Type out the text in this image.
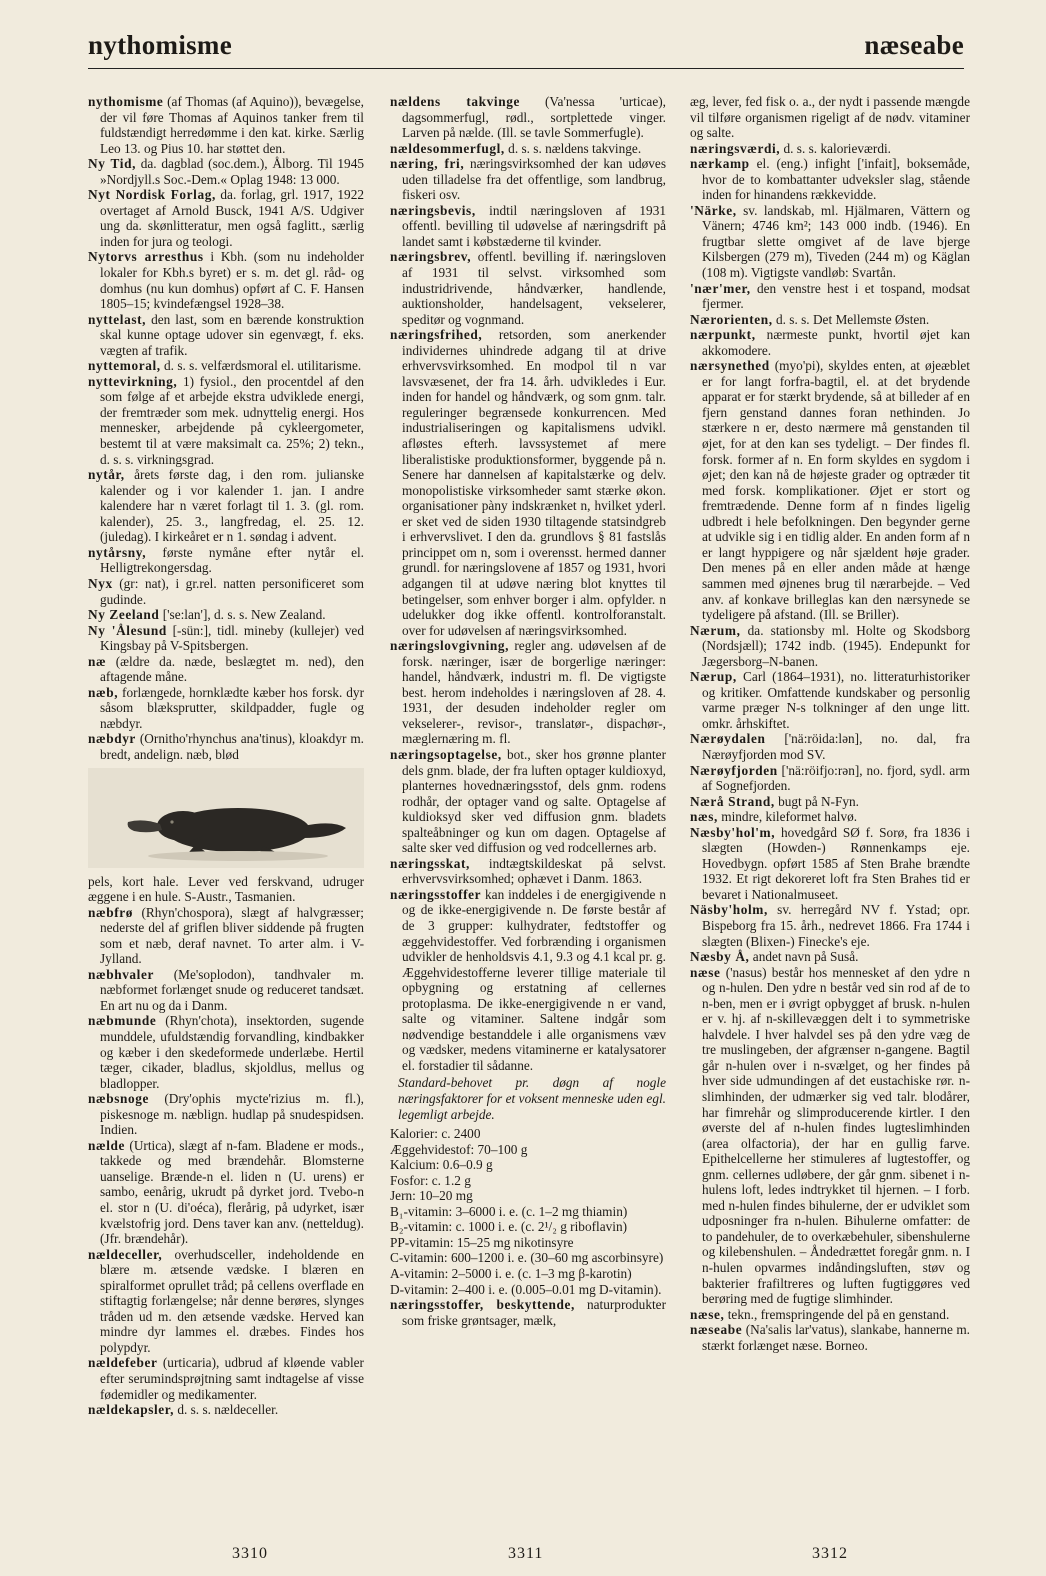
nythomisme	næseabe

nythomisme (af Thomas (af Aquino)), bevægelse, der vil føre Thomas af Aquinos tanker frem til fuldstændigt herredømme i den kat. kirke. Særlig Leo 13. og Pius 10. har støttet den.

Ny Tid, da. dagblad (soc.dem.), Ålborg. Til 1945 »Nordjyll.s Soc.-Dem.« Oplag 1948: 13 000.

Nyt Nordisk Forlag, da. forlag, grl. 1917, 1922 overtaget af Arnold Busck, 1941 A/S. Udgiver ung da. skønlitteratur, men også faglitt., særlig inden for jura og teologi.

Nytorvs arresthus i Kbh. (som nu indeholder lokaler for Kbh.s byret) er s. m. det gl. råd- og domhus (nu kun domhus) opført af C. F. Hansen 1805–15; kvindefængsel 1928–38.

nyttelast, den last, som en bærende konstruktion skal kunne optage udover sin egenvægt, f. eks. vægten af trafik.

nyttemoral, d. s. s. velfærdsmoral el. utilitarisme.

nyttevirkning, 1) fysiol., den procentdel af den som følge af et arbejde ekstra udviklede energi, der fremtræder som mek. udnyttelig energi. Hos mennesker, arbejdende på cykleergometer, bestemt til at være maksimalt ca. 25%; 2) tekn., d. s. s. virkningsgrad.

nytår, årets første dag, i den rom. julianske kalender og i vor kalender 1. jan. I andre kalendere har n været forlagt til 1. 3. (gl. rom. kalender), 25. 3., langfredag, el. 25. 12. (juledag). I kirkeåret er n 1. søndag i advent.

nytårsny, første nymåne efter nytår el. Helligtrekongersdag.

Nyx (gr: nat), i gr.rel. natten personificeret som gudinde.

Ny Zeeland ['se:lan'], d. s. s. New Zealand.

Ny 'Ålesund [-sün:], tidl. mineby (kullejer) ved Kingsbay på V-Spitsbergen.

næ (ældre da. næde, beslægtet m. ned), den aftagende måne.

næb, forlængede, hornklædte kæber hos forsk. dyr såsom blæksprutter, skildpadder, fugle og næbdyr.

næbdyr (Ornitho'rhynchus ana'tinus), kloakdyr m. bredt, andelign. næb, blød

pels, kort hale. Lever ved ferskvand, udruger æggene i en hule. S-Austr., Tasmanien.

næbfrø (Rhyn'chospora), slægt af halvgræsser; nederste del af griflen bliver siddende på frugten som et næb, deraf navnet. To arter alm. i V-Jylland.

næbhvaler (Me'soplodon), tandhvaler m. næbformet forlænget snude og reduceret tandsæt. En art nu og da i Danm.

næbmunde (Rhyn'chota), insektorden, sugende munddele, ufuldstændig forvandling, kindbakker og kæber i den skedeformede underlæbe. Hertil tæger, cikader, bladlus, skjoldlus, mellus og bladlopper.

næbsnoge (Dry'ophis mycte'rizius m. fl.), piskesnoge m. næblign. hudlap på snudespidsen. Indien.

nælde (Urtica), slægt af n-fam. Bladene er mods., takkede og med brændehår. Blomsterne uanselige. Brænde-n el. liden n (U. urens) er sambo, eenårig, ukrudt på dyrket jord. Tvebo-n el. stor n (U. di'oéca), flerårig, på udyrket, især kvælstofrig jord. Dens taver kan anv. (netteldug). (Jfr. brændehår).

nældeceller, overhudsceller, indeholdende en blære m. ætsende vædske. I blæren en spiralformet oprullet tråd; på cellens overflade en stiftagtig forlængelse; når denne berøres, slynges tråden ud m. den ætsende vædske. Herved kan mindre dyr lammes el. dræbes. Findes hos polypdyr.

nældefeber (urticaria), udbrud af kløende vabler efter serumindsprøjtning samt indtagelse af visse fødemidler og medikamenter.

nældekapsler, d. s. s. nældeceller.

nældens takvinge (Va'nessa 'urticae), dagsommerfugl, rødl., sortplettede vinger. Larven på nælde. (Ill. se tavle Sommerfugle).

nældesommerfugl, d. s. s. nældens takvinge.

næring, fri, næringsvirksomhed der kan udøves uden tilladelse fra det offentlige, som landbrug, fiskeri osv.

næringsbevis, indtil næringsloven af 1931 offentl. bevilling til udøvelse af næringsdrift på landet samt i købstæderne til kvinder.

næringsbrev, offentl. bevilling if. næringsloven af 1931 til selvst. virksomhed som industridrivende, håndværker, handlende, auktionsholder, handelsagent, vekselerer, speditør og vognmand.

næringsfrihed, retsorden, som anerkender individernes uhindrede adgang til at drive erhvervsvirksomhed. En modpol til n var lavsvæsenet, der fra 14. årh. udvikledes i Eur. inden for handel og håndværk, og som gnm. talr. reguleringer begrænsede konkurrencen. Med industrialiseringen og kapitalismens udvikl. afløstes efterh. lavssystemet af mere liberalistiske produktionsformer, byggende på n. Senere har dannelsen af kapitalstærke og delv. monopolistiske virksomheder samt stærke økon. organisationer pàny indskrænket n, hvilket yderl. er sket ved de siden 1930 tiltagende statsindgreb i erhvervslivet. I den da. grundlovs § 81 fastslås princippet om n, som i overensst. hermed danner grundl. for næringslovene af 1857 og 1931, hvori adgangen til at udøve næring blot knyttes til betingelser, som enhver borger i alm. opfylder. n udelukker dog ikke offentl. kontrolforanstalt. over for udøvelsen af næringsvirksomhed.

næringslovgivning, regler ang. udøvelsen af de forsk. næringer, især de borgerlige næringer: handel, håndværk, industri m. fl. De vigtigste best. herom indeholdes i næringsloven af 28. 4. 1931, der desuden indeholder regler om vekselerer-, revisor-, translatør-, dispachør-, mæglernæring m. fl.

næringsoptagelse, bot., sker hos grønne planter dels gnm. blade, der fra luften optager kuldioxyd, planternes hovednæringsstof, dels gnm. rodens rodhår, der optager vand og salte. Optagelse af kuldioksyd sker ved diffusion gnm. bladets spalteåbninger og kun om dagen. Optagelse af salte sker ved diffusion og ved rodcellernes arb.

næringsskat, indtægtskildeskat på selvst. erhvervsvirksomhed; ophævet i Danm. 1863.

næringsstoffer kan inddeles i de energigivende n og de ikke-energigivende n. De første består af de 3 grupper: kulhydrater, fedtstoffer og æggehvidestoffer. Ved forbrænding i organismen udvikler de henholdsvis 4.1, 9.3 og 4.1 kcal pr. g. Æggehvidestofferne leverer tillige materiale til opbygning og erstatning af cellernes protoplasma. De ikke-energigivende n er vand, salte og vitaminer. Saltene indgår som nødvendige bestanddele i alle organismens væv og vædsker, medens vitaminerne er katalysatorer el. forstadier til sådanne.

Standard-behovet pr. døgn af nogle næringsfaktorer for et voksent menneske uden egl. legemligt arbejde.

Kalorier: c. 2400
Æggehvidestof: 70–100 g
Kalcium: 0.6–0.9 g
Fosfor: c. 1.2 g
Jern: 10–20 mg
B₁-vitamin: 3–6000 i. e. (c. 1–2 mg thiamin)
B₂-vitamin: c. 1000 i. e. (c. 2¹/₂ g riboflavin)
PP-vitamin: 15–25 mg nikotinsyre
C-vitamin: 600–1200 i. e. (30–60 mg ascorbinsyre)
A-vitamin: 2–5000 i. e. (c. 1–3 mg β-karotin)
D-vitamin: 2–400 i. e. (0.005–0.01 mg D-vitamin).

næringsstoffer, beskyttende, naturprodukter som friske grøntsager, mælk,

æg, lever, fed fisk o. a., der nydt i passende mængde vil tilføre organismen rigeligt af de nødv. vitaminer og salte.

næringsværdi, d. s. s. kalorieværdi.

nærkamp el. (eng.) infight ['infait], boksemåde, hvor de to kombattanter udveksler slag, stående inden for hinandens rækkevidde.

'Närke, sv. landskab, ml. Hjälmaren, Vättern og Vänern; 4746 km²; 143 000 indb. (1946). En frugtbar slette omgivet af de lave bjerge Kilsbergen (279 m), Tiveden (244 m) og Käglan (108 m). Vigtigste vandløb: Svartån.

'nær'mer, den venstre hest i et tospand, modsat fjermer.

Nærorienten, d. s. s. Det Mellemste Østen.

nærpunkt, nærmeste punkt, hvortil øjet kan akkomodere.

nærsynethed (myo'pi), skyldes enten, at øjeæblet er for langt forfra-bagtil, el. at det brydende apparat er for stærkt brydende, så at billeder af en fjern genstand dannes foran nethinden. Jo stærkere n er, desto nærmere må genstanden til øjet, for at den kan ses tydeligt. – Der findes fl. forsk. former af n. En form skyldes en sygdom i øjet; den kan nå de højeste grader og optræder tit med forsk. komplikationer. Øjet er stort og fremtrædende. Denne form af n findes ligelig udbredt i hele befolkningen. Den begynder gerne at udvikle sig i en tidlig alder. En anden form af n er langt hyppigere og når sjældent høje grader. Den menes på en eller anden måde at hænge sammen med øjnenes brug til nærarbejde. – Ved anv. af konkave brilleglas kan den nærsynede se tydeligere på afstand. (Ill. se Briller).

Nærum, da. stationsby ml. Holte og Skodsborg (Nordsjæll); 1742 indb. (1945). Endepunkt for Jægersborg–N-banen.

Nærup, Carl (1864–1931), no. litteraturhistoriker og kritiker. Omfattende kundskaber og personlig varme præger N-s tolkninger af den unge litt. omkr. århskiftet.

Nærøydalen ['nä:röida:lən], no. dal, fra Nærøyfjorden mod SV.

Nærøyfjorden ['nä:röifjo:rən], no. fjord, sydl. arm af Sognefjorden.

Nærå Strand, bugt på N-Fyn.

næs, mindre, kileformet halvø.

Næsby'hol'm, hovedgård SØ f. Sorø, fra 1836 i slægten (Howden-) Rønnenkamps eje. Hovedbygn. opført 1585 af Sten Brahe brændte 1932. Et rigt dekoreret loft fra Sten Brahes tid er bevaret i Nationalmuseet.

Näsby'holm, sv. herregård NV f. Ystad; opr. Bispeborg fra 15. årh., nedrevet 1866. Fra 1744 i slægten (Blixen-) Finecke's eje.

Næsby Å, andet navn på Suså.

næse ('nasus) består hos mennesket af den ydre n og n-hulen. Den ydre n består ved sin rod af de to n-ben, men er i øvrigt opbygget af brusk. n-hulen er v. hj. af n-skillevæggen delt i to symmetriske halvdele. I hver halvdel ses på den ydre væg de tre muslingeben, der afgrænser n-gangene. Bagtil går n-hulen over i n-svælget, og her findes på hver side udmundingen af det eustachiske rør. n-slimhinden, der udmærker sig ved talr. blodårer, har fimrehår og slimproducerende kirtler. I den øverste del af n-hulen findes lugteslimhinden (area olfactoria), der har en gullig farve. Epithelcellerne her stimuleres af lugtestoffer, og gnm. cellernes udløbere, der går gnm. sibenet i n-hulens loft, ledes indtrykket til hjernen. – I forb. med n-hulen findes bihulerne, der er udviklet som udposninger fra n-hulen. Bihulerne omfatter: de to pandehuler, de to overkæbehuler, sibenshulerne og kilebenshulen. – Åndedrættet foregår gnm. n. I n-hulen opvarmes indåndingsluften, støv og bakterier frafiltreres og luften fugtiggøres ved berøring med de fugtige slimhinder.

næse, tekn., fremspringende del på en genstand.

næseabe (Na'salis lar'vatus), slankabe, hannerne m. stærkt forlænget næse. Borneo.

3310	3311	3312
